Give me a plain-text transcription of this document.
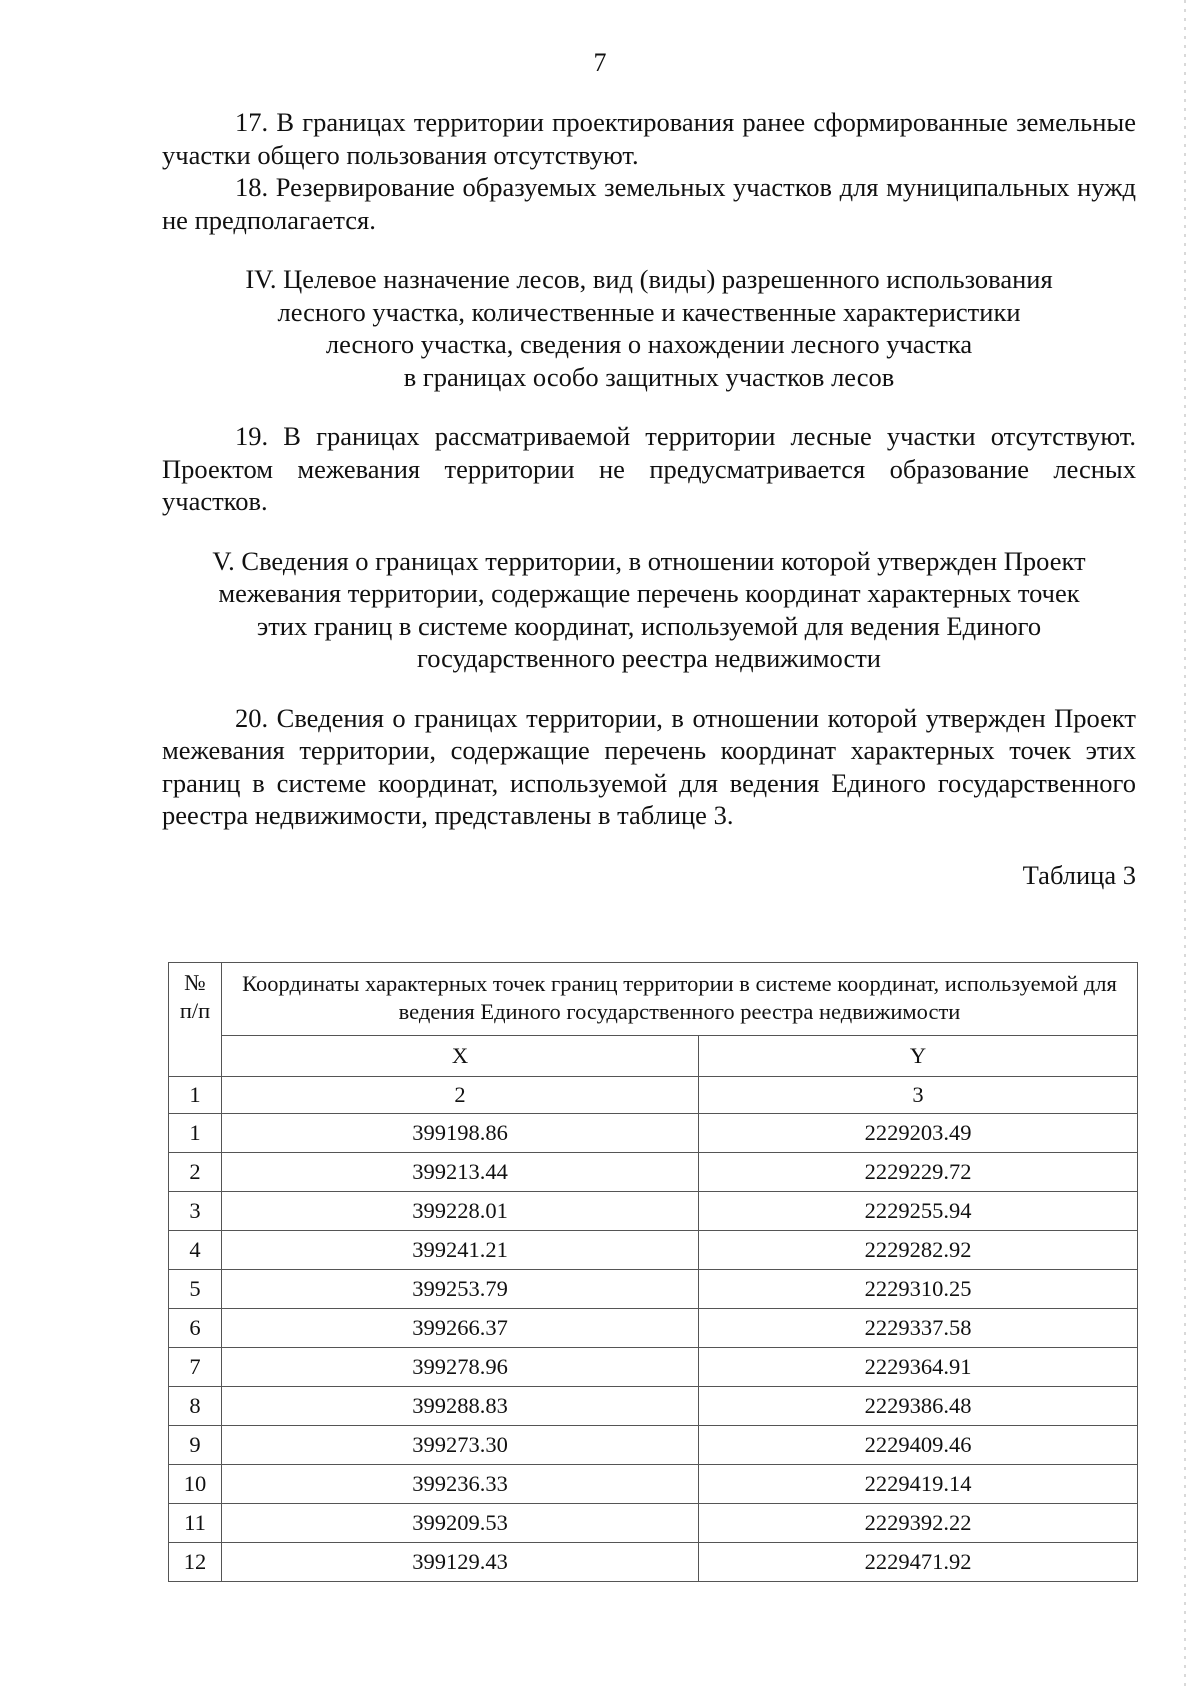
7

17. В границах территории проектирования ранее сформированные земельные участки общего пользования отсутствуют.

18. Резервирование образуемых земельных участков для муниципальных нужд не предполагается.

IV. Целевое назначение лесов, вид (виды) разрешенного использования
лесного участка, количественные и качественные характеристики
лесного участка, сведения о нахождении лесного участка
в границах особо защитных участков лесов

19. В границах рассматриваемой территории лесные участки отсутствуют. Проектом межевания территории не предусматривается образование лесных участков.

V. Сведения о границах территории, в отношении которой утвержден Проект
межевания территории, содержащие перечень координат характерных точек
этих границ в системе координат, используемой для ведения Единого
государственного реестра недвижимости

20. Сведения о границах территории, в отношении которой утвержден Проект межевания территории, содержащие перечень координат характерных точек этих границ в системе координат, используемой для ведения Единого государственного реестра недвижимости, представлены в таблице 3.

Таблица 3

№
п/п	Координаты характерных точек границ территории в системе координат, используемой для ведения Единого государственного реестра недвижимости	
	X	Y
1	2	3
1	399198.86	2229203.49
2	399213.44	2229229.72
3	399228.01	2229255.94
4	399241.21	2229282.92
5	399253.79	2229310.25
6	399266.37	2229337.58
7	399278.96	2229364.91
8	399288.83	2229386.48
9	399273.30	2229409.46
10	399236.33	2229419.14
11	399209.53	2229392.22
12	399129.43	2229471.92
